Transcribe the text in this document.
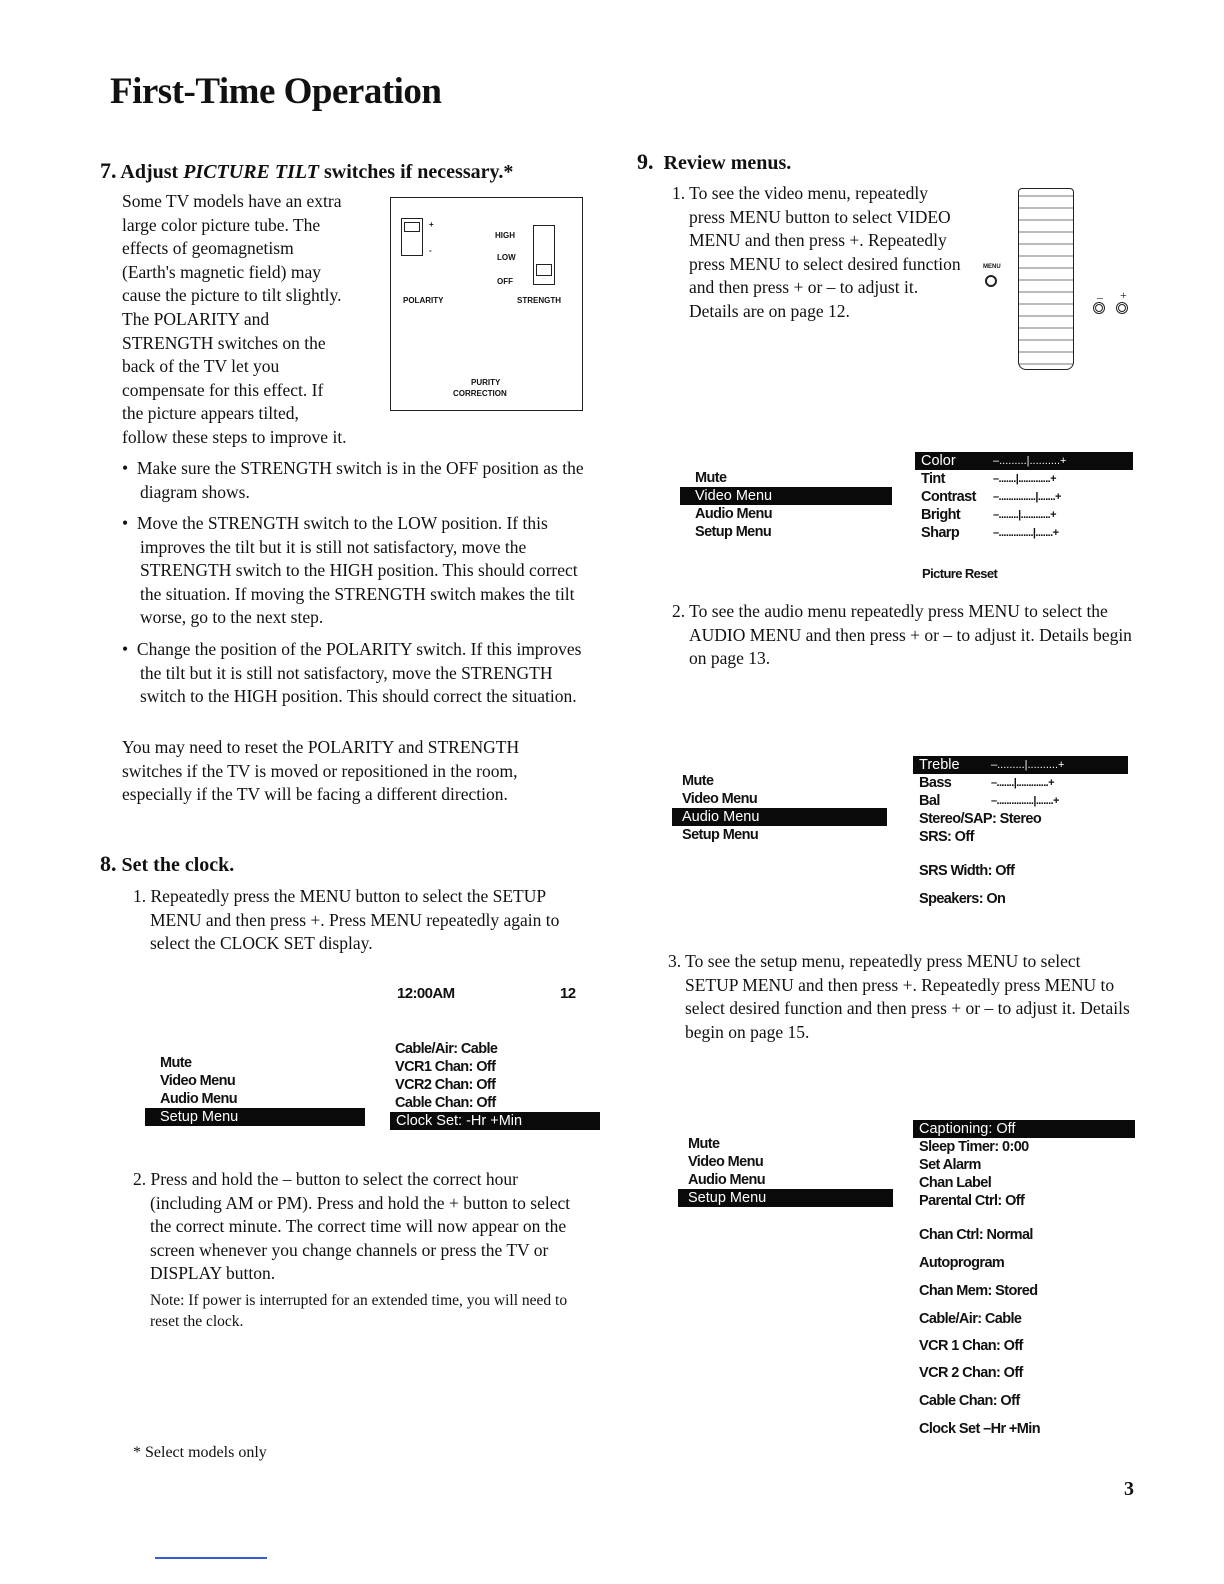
First-Time Operation
7. Adjust PICTURE TILT switches if necessary.*
Some TV models have an extra
large color picture tube. The
effects of geomagnetism
(Earth's magnetic field) may
cause the picture to tilt slightly.
The POLARITY and
STRENGTH switches on the
back of the TV let you
compensate for this effect. If
the picture appears tilted,
follow these steps to improve it.
+
-
HIGH
LOW
OFF
POLARITY	STRENGTH
PURITY
CORRECTION
•  Make sure the STRENGTH switch is in the OFF position as the diagram shows.
•  Move the STRENGTH switch to the LOW position. If this improves the tilt but it is still not satisfactory, move the STRENGTH switch to the HIGH position. This should correct the situation. If moving the STRENGTH switch makes the tilt worse, go to the next step.
•  Change the position of the POLARITY switch. If this improves the tilt but it is still not satisfactory, move the STRENGTH switch to the HIGH position. This should correct the situation.
You may need to reset the POLARITY and STRENGTH switches if the TV is moved or repositioned in the room, especially if the TV will be facing a different direction.
8. Set the clock.
1. Repeatedly press the MENU button to select the SETUP MENU and then press +. Press MENU repeatedly again to select the CLOCK SET display.
12:00AM	12
Mute
Video Menu
Audio Menu
Setup Menu
Cable/Air: Cable
VCR1 Chan: Off
VCR2 Chan: Off
Cable Chan: Off
Clock Set: -Hr +Min
2. Press and hold the – button to select the correct hour (including AM or PM). Press and hold the + button to select the correct minute. The correct time will now appear on the screen whenever you change channels or press the TV or DISPLAY button.
Note: If power is interrupted for an extended time, you will need to reset the clock.
* Select models only
9. Review menus.
1. To see the video menu, repeatedly press MENU button to select VIDEO MENU and then press +. Repeatedly press MENU to select desired function and then press + or – to adjust it. Details are on page 12.
MENU
– +
Mute
Video Menu
Audio Menu
Setup Menu
Color	–.........|..........+
Tint	–.......|.............+
Contrast	–...............|.......+
Bright	–........|............+
Sharp	–..............|.......+
Picture Reset
2. To see the audio menu repeatedly press MENU to select the AUDIO MENU and then press + or – to adjust it. Details begin on page 13.
Mute
Video Menu
Audio Menu
Setup Menu
Treble	–.........|..........+
Bass	–.......|.............+
Bal	–...............|.......+
Stereo/SAP: Stereo
SRS: Off
SRS Width: Off
Speakers: On
3. To see the setup menu, repeatedly press MENU to select SETUP MENU and then press +. Repeatedly press MENU to select desired function and then press + or – to adjust it. Details begin on page 15.
Mute
Video Menu
Audio Menu
Setup Menu
Captioning: Off
Sleep Timer: 0:00
Set Alarm
Chan Label
Parental Ctrl: Off
Chan Ctrl: Normal
Autoprogram
Chan Mem: Stored
Cable/Air: Cable
VCR 1 Chan: Off
VCR 2 Chan: Off
Cable Chan: Off
Clock Set –Hr +Min
3
